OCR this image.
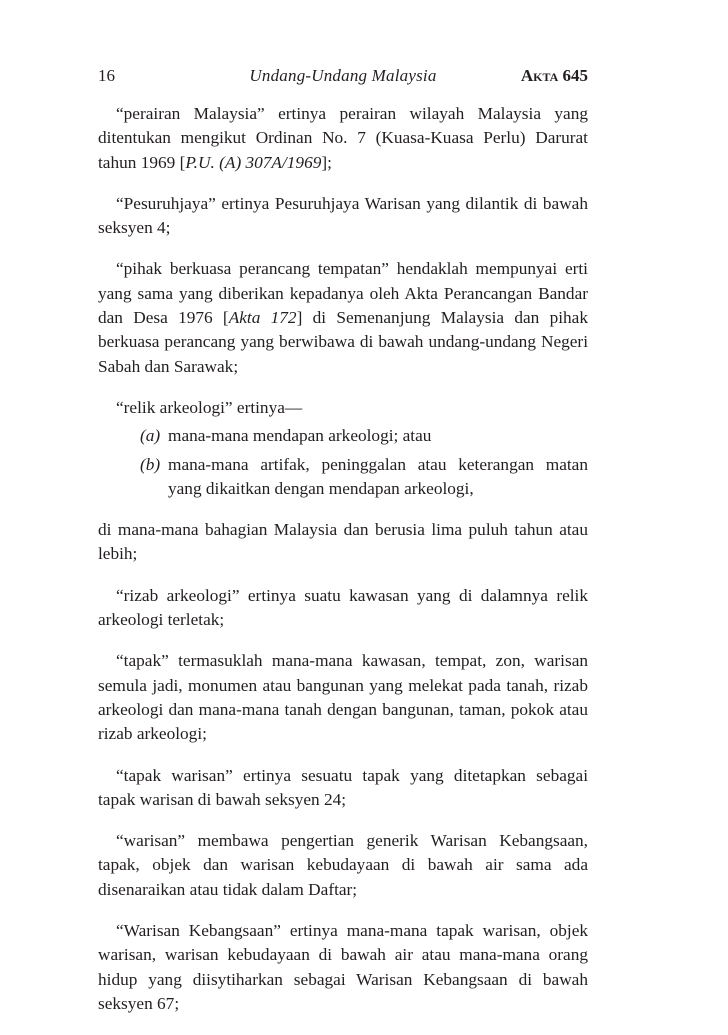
16	Undang-Undang Malaysia	Akta 645

“perairan Malaysia” ertinya perairan wilayah Malaysia yang ditentukan mengikut Ordinan No. 7 (Kuasa-Kuasa Perlu) Darurat tahun 1969 [P.U. (A) 307A/1969];

“Pesuruhjaya” ertinya Pesuruhjaya Warisan yang dilantik di bawah seksyen 4;

“pihak berkuasa perancang tempatan” hendaklah mempunyai erti yang sama yang diberikan kepadanya oleh Akta Perancangan Bandar dan Desa 1976 [Akta 172] di Semenanjung Malaysia dan pihak berkuasa perancang yang berwibawa di bawah undang-undang Negeri Sabah dan Sarawak;

“relik arkeologi” ertinya—

(a) mana-mana mendapan arkeologi; atau
(b) mana-mana artifak, peninggalan atau keterangan matan yang dikaitkan dengan mendapan arkeologi,

di mana-mana bahagian Malaysia dan berusia lima puluh tahun atau lebih;

“rizab arkeologi” ertinya suatu kawasan yang di dalamnya relik arkeologi terletak;

“tapak” termasuklah mana-mana kawasan, tempat, zon, warisan semula jadi, monumen atau bangunan yang melekat pada tanah, rizab arkeologi dan mana-mana tanah dengan bangunan, taman, pokok atau rizab arkeologi;

“tapak warisan” ertinya sesuatu tapak yang ditetapkan sebagai tapak warisan di bawah seksyen 24;

“warisan” membawa pengertian generik Warisan Kebangsaan, tapak, objek dan warisan kebudayaan di bawah air sama ada disenaraikan atau tidak dalam Daftar;

“Warisan Kebangsaan” ertinya mana-mana tapak warisan, objek warisan, warisan kebudayaan di bawah air atau mana-mana orang hidup yang diisytiharkan sebagai Warisan Kebangsaan di bawah seksyen 67;
